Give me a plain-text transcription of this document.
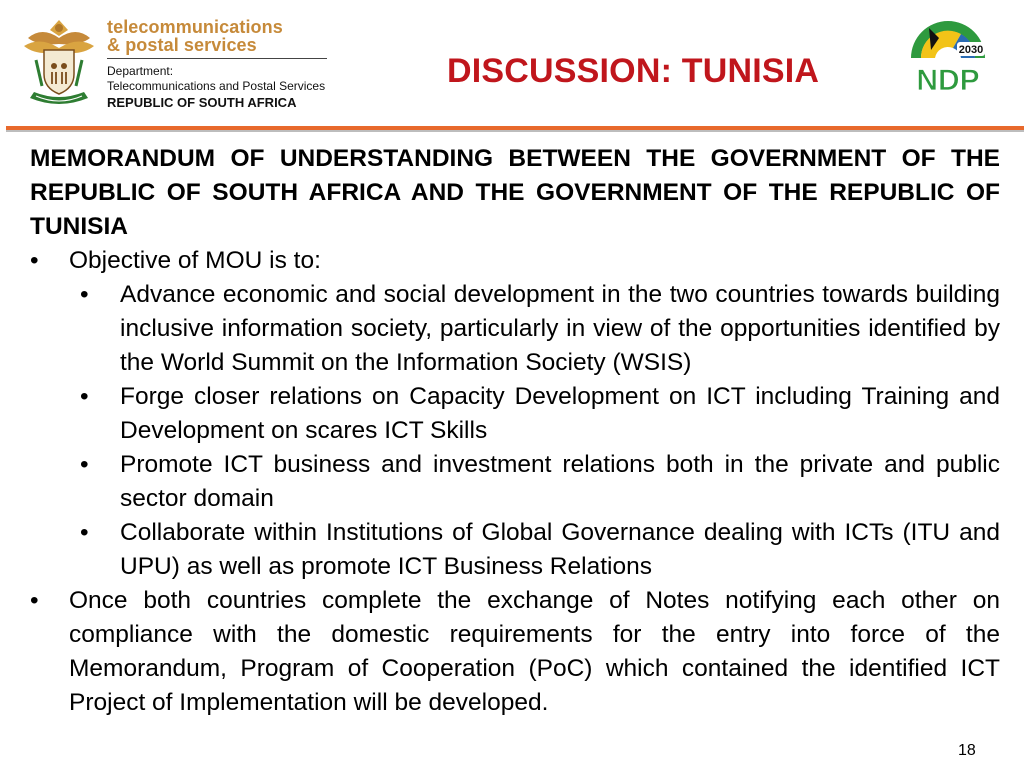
telecommunications
& postal services
Department:
Telecommunications and Postal Services
REPUBLIC OF SOUTH AFRICA
DISCUSSION: TUNISIA
2030
NDP
MEMORANDUM OF UNDERSTANDING BETWEEN THE GOVERNMENT OF THE REPUBLIC OF SOUTH AFRICA AND THE GOVERNMENT OF THE REPUBLIC OF TUNISIA
• Objective of MOU is to:
• Advance economic and social development in the two countries towards building inclusive information society, particularly in view of the opportunities identified by the World Summit on the Information Society (WSIS)
• Forge closer relations on Capacity Development on ICT including Training and Development on scares ICT Skills
• Promote ICT business and investment relations both in the private and public sector domain
• Collaborate within Institutions of Global Governance dealing with ICTs (ITU and UPU) as well as promote ICT Business Relations
• Once both countries complete the exchange of Notes notifying each other on compliance with the domestic requirements for the entry into force of the Memorandum, Program of Cooperation (PoC) which contained the identified ICT Project of Implementation will be developed.
18
